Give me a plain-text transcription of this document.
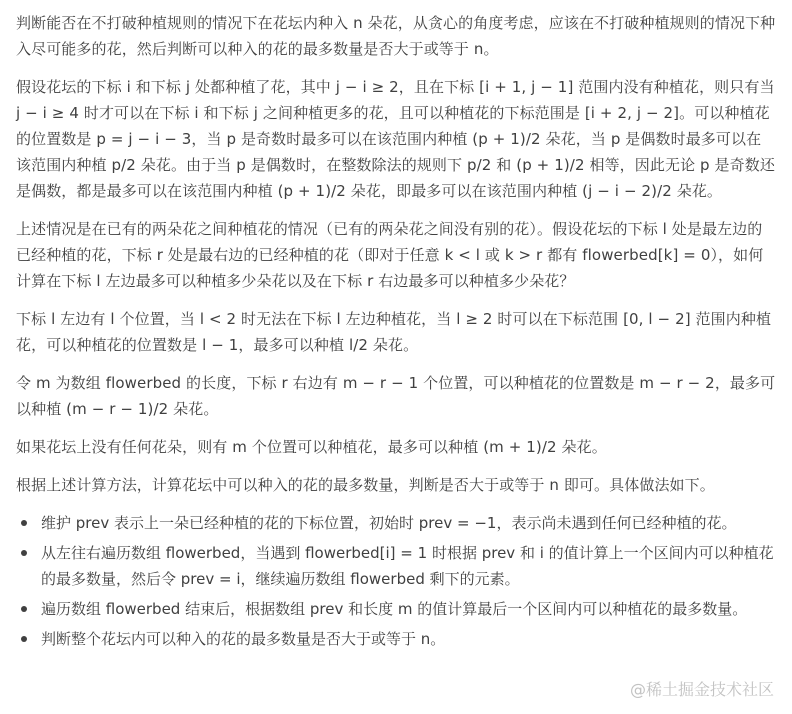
判断能否在不打破种植规则的情况下在花坛内种入 n 朵花，从贪心的角度考虑，应该在不打破种植规则的情况下种入尽可能多的花，然后判断可以种入的花的最多数量是否大于或等于 n。

假设花坛的下标 i 和下标 j 处都种植了花，其中 j − i ≥ 2，且在下标 [i + 1, j − 1] 范围内没有种植花，则只有当 j − i ≥ 4 时才可以在下标 i 和下标 j 之间种植更多的花，且可以种植花的下标范围是 [i + 2, j − 2]。可以种植花的位置数是 p = j − i − 3，当 p 是奇数时最多可以在该范围内种植 (p + 1)/2 朵花，当 p 是偶数时最多可以在该范围内种植 p/2 朵花。由于当 p 是偶数时，在整数除法的规则下 p/2 和 (p + 1)/2 相等，因此无论 p 是奇数还是偶数，都是最多可以在该范围内种植 (p + 1)/2 朵花，即最多可以在该范围内种植 (j − i − 2)/2 朵花。

上述情况是在已有的两朵花之间种植花的情况（已有的两朵花之间没有别的花）。假设花坛的下标 l 处是最左边的已经种植的花，下标 r 处是最右边的已经种植的花（即对于任意 k < l 或 k > r 都有 flowerbed[k] = 0），如何计算在下标 l 左边最多可以种植多少朵花以及在下标 r 右边最多可以种植多少朵花？

下标 l 左边有 l 个位置，当 l < 2 时无法在下标 l 左边种植花，当 l ≥ 2 时可以在下标范围 [0, l − 2] 范围内种植花，可以种植花的位置数是 l − 1，最多可以种植 l/2 朵花。

令 m 为数组 flowerbed 的长度，下标 r 右边有 m − r − 1 个位置，可以种植花的位置数是 m − r − 2，最多可以种植 (m − r − 1)/2 朵花。

如果花坛上没有任何花朵，则有 m 个位置可以种植花，最多可以种植 (m + 1)/2 朵花。

根据上述计算方法，计算花坛中可以种入的花的最多数量，判断是否大于或等于 n 即可。具体做法如下。

维护 prev 表示上一朵已经种植的花的下标位置，初始时 prev = −1，表示尚未遇到任何已经种植的花。
从左往右遍历数组 flowerbed，当遇到 flowerbed[i] = 1 时根据 prev 和 i 的值计算上一个区间内可以种植花的最多数量，然后令 prev = i，继续遍历数组 flowerbed 剩下的元素。
遍历数组 flowerbed 结束后，根据数组 prev 和长度 m 的值计算最后一个区间内可以种植花的最多数量。
判断整个花坛内可以种入的花的最多数量是否大于或等于 n。
@稀土掘金技术社区
